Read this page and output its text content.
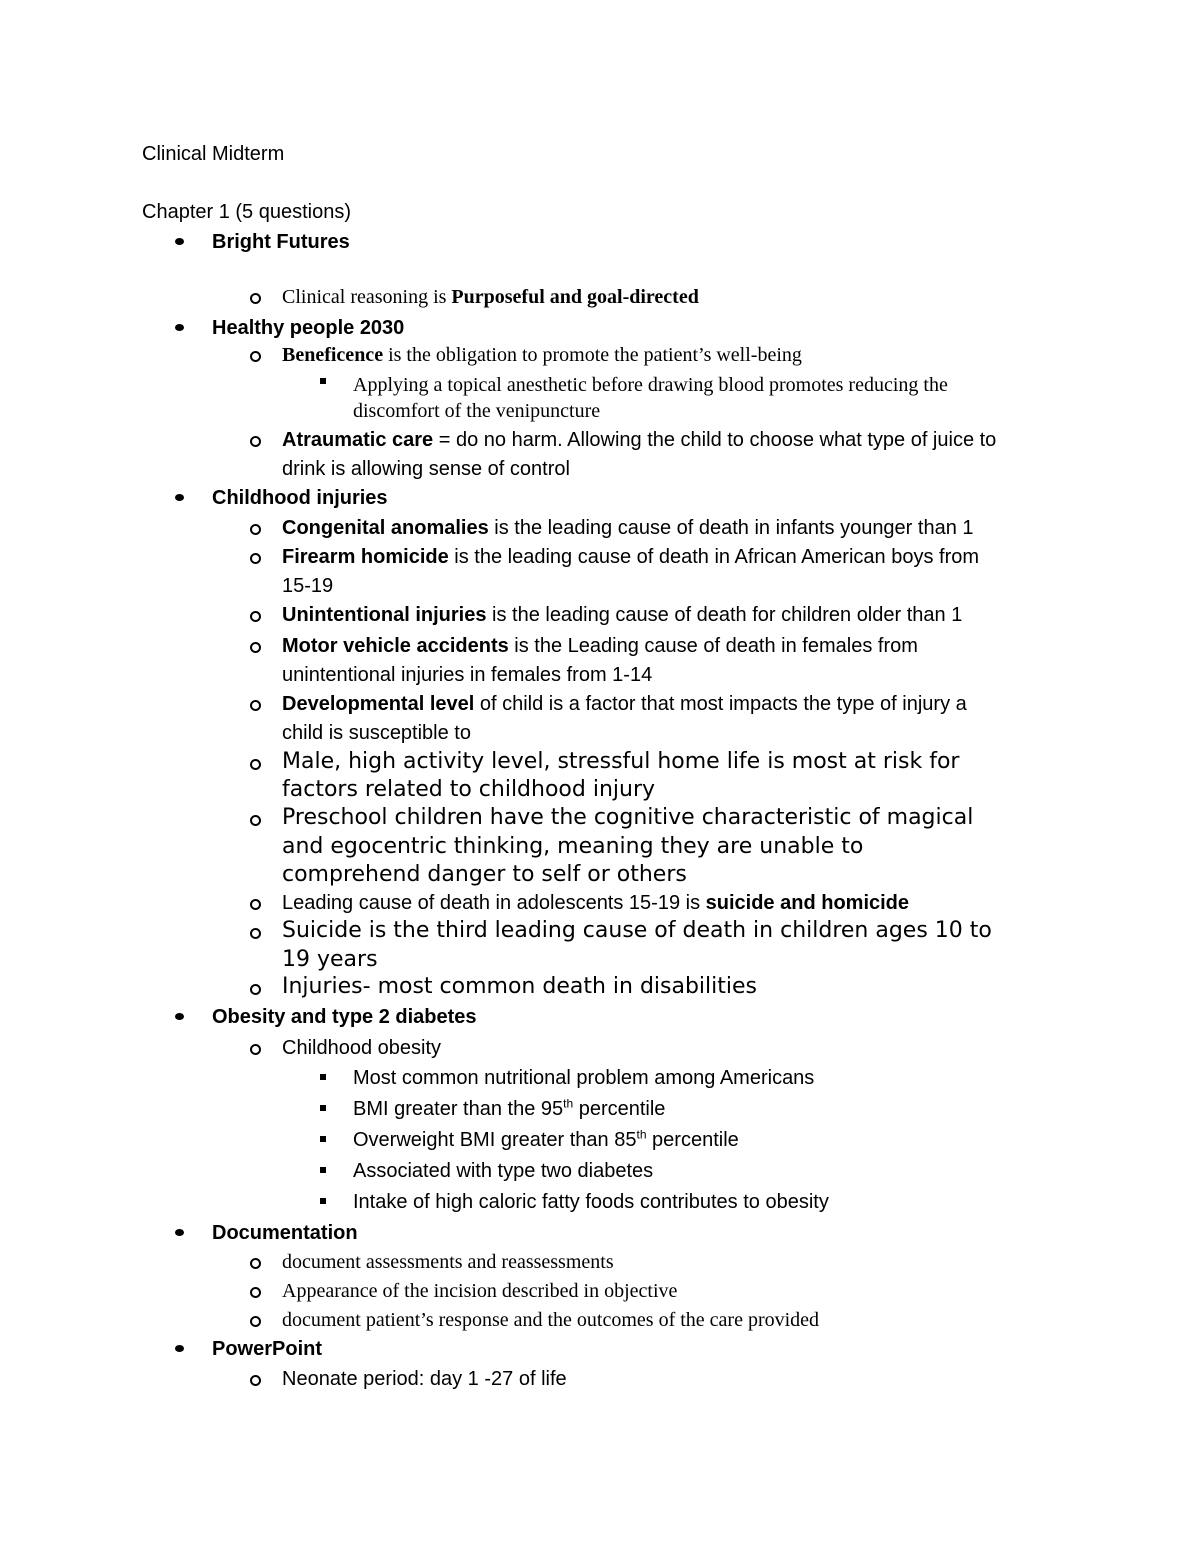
Clinical Midterm
Chapter 1 (5 questions)
Bright Futures
Clinical reasoning is Purposeful and goal-directed
Healthy people 2030
Beneficence is the obligation to promote the patient’s well-being
Applying a topical anesthetic before drawing blood promotes reducing the
discomfort of the venipuncture
Atraumatic care = do no harm. Allowing the child to choose what type of juice to
drink is allowing sense of control
Childhood injuries
Congenital anomalies is the leading cause of death in infants younger than 1
Firearm homicide is the leading cause of death in African American boys from
15-19
Unintentional injuries is the leading cause of death for children older than 1
Motor vehicle accidents is the Leading cause of death in females from
unintentional injuries in females from 1-14
Developmental level of child is a factor that most impacts the type of injury a
child is susceptible to
Male, high activity level, stressful home life is most at risk for
factors related to childhood injury
Preschool children have the cognitive characteristic of magical
and egocentric thinking, meaning they are unable to
comprehend danger to self or others
Leading cause of death in adolescents 15-19 is suicide and homicide
Suicide is the third leading cause of death in children ages 10 to
19 years
Injuries- most common death in disabilities
Obesity and type 2 diabetes
Childhood obesity
Most common nutritional problem among Americans
BMI greater than the 95th percentile
Overweight BMI greater than 85th percentile
Associated with type two diabetes
Intake of high caloric fatty foods contributes to obesity
Documentation
document assessments and reassessments
Appearance of the incision described in objective
document patient’s response and the outcomes of the care provided
PowerPoint
Neonate period: day 1 -27 of life
